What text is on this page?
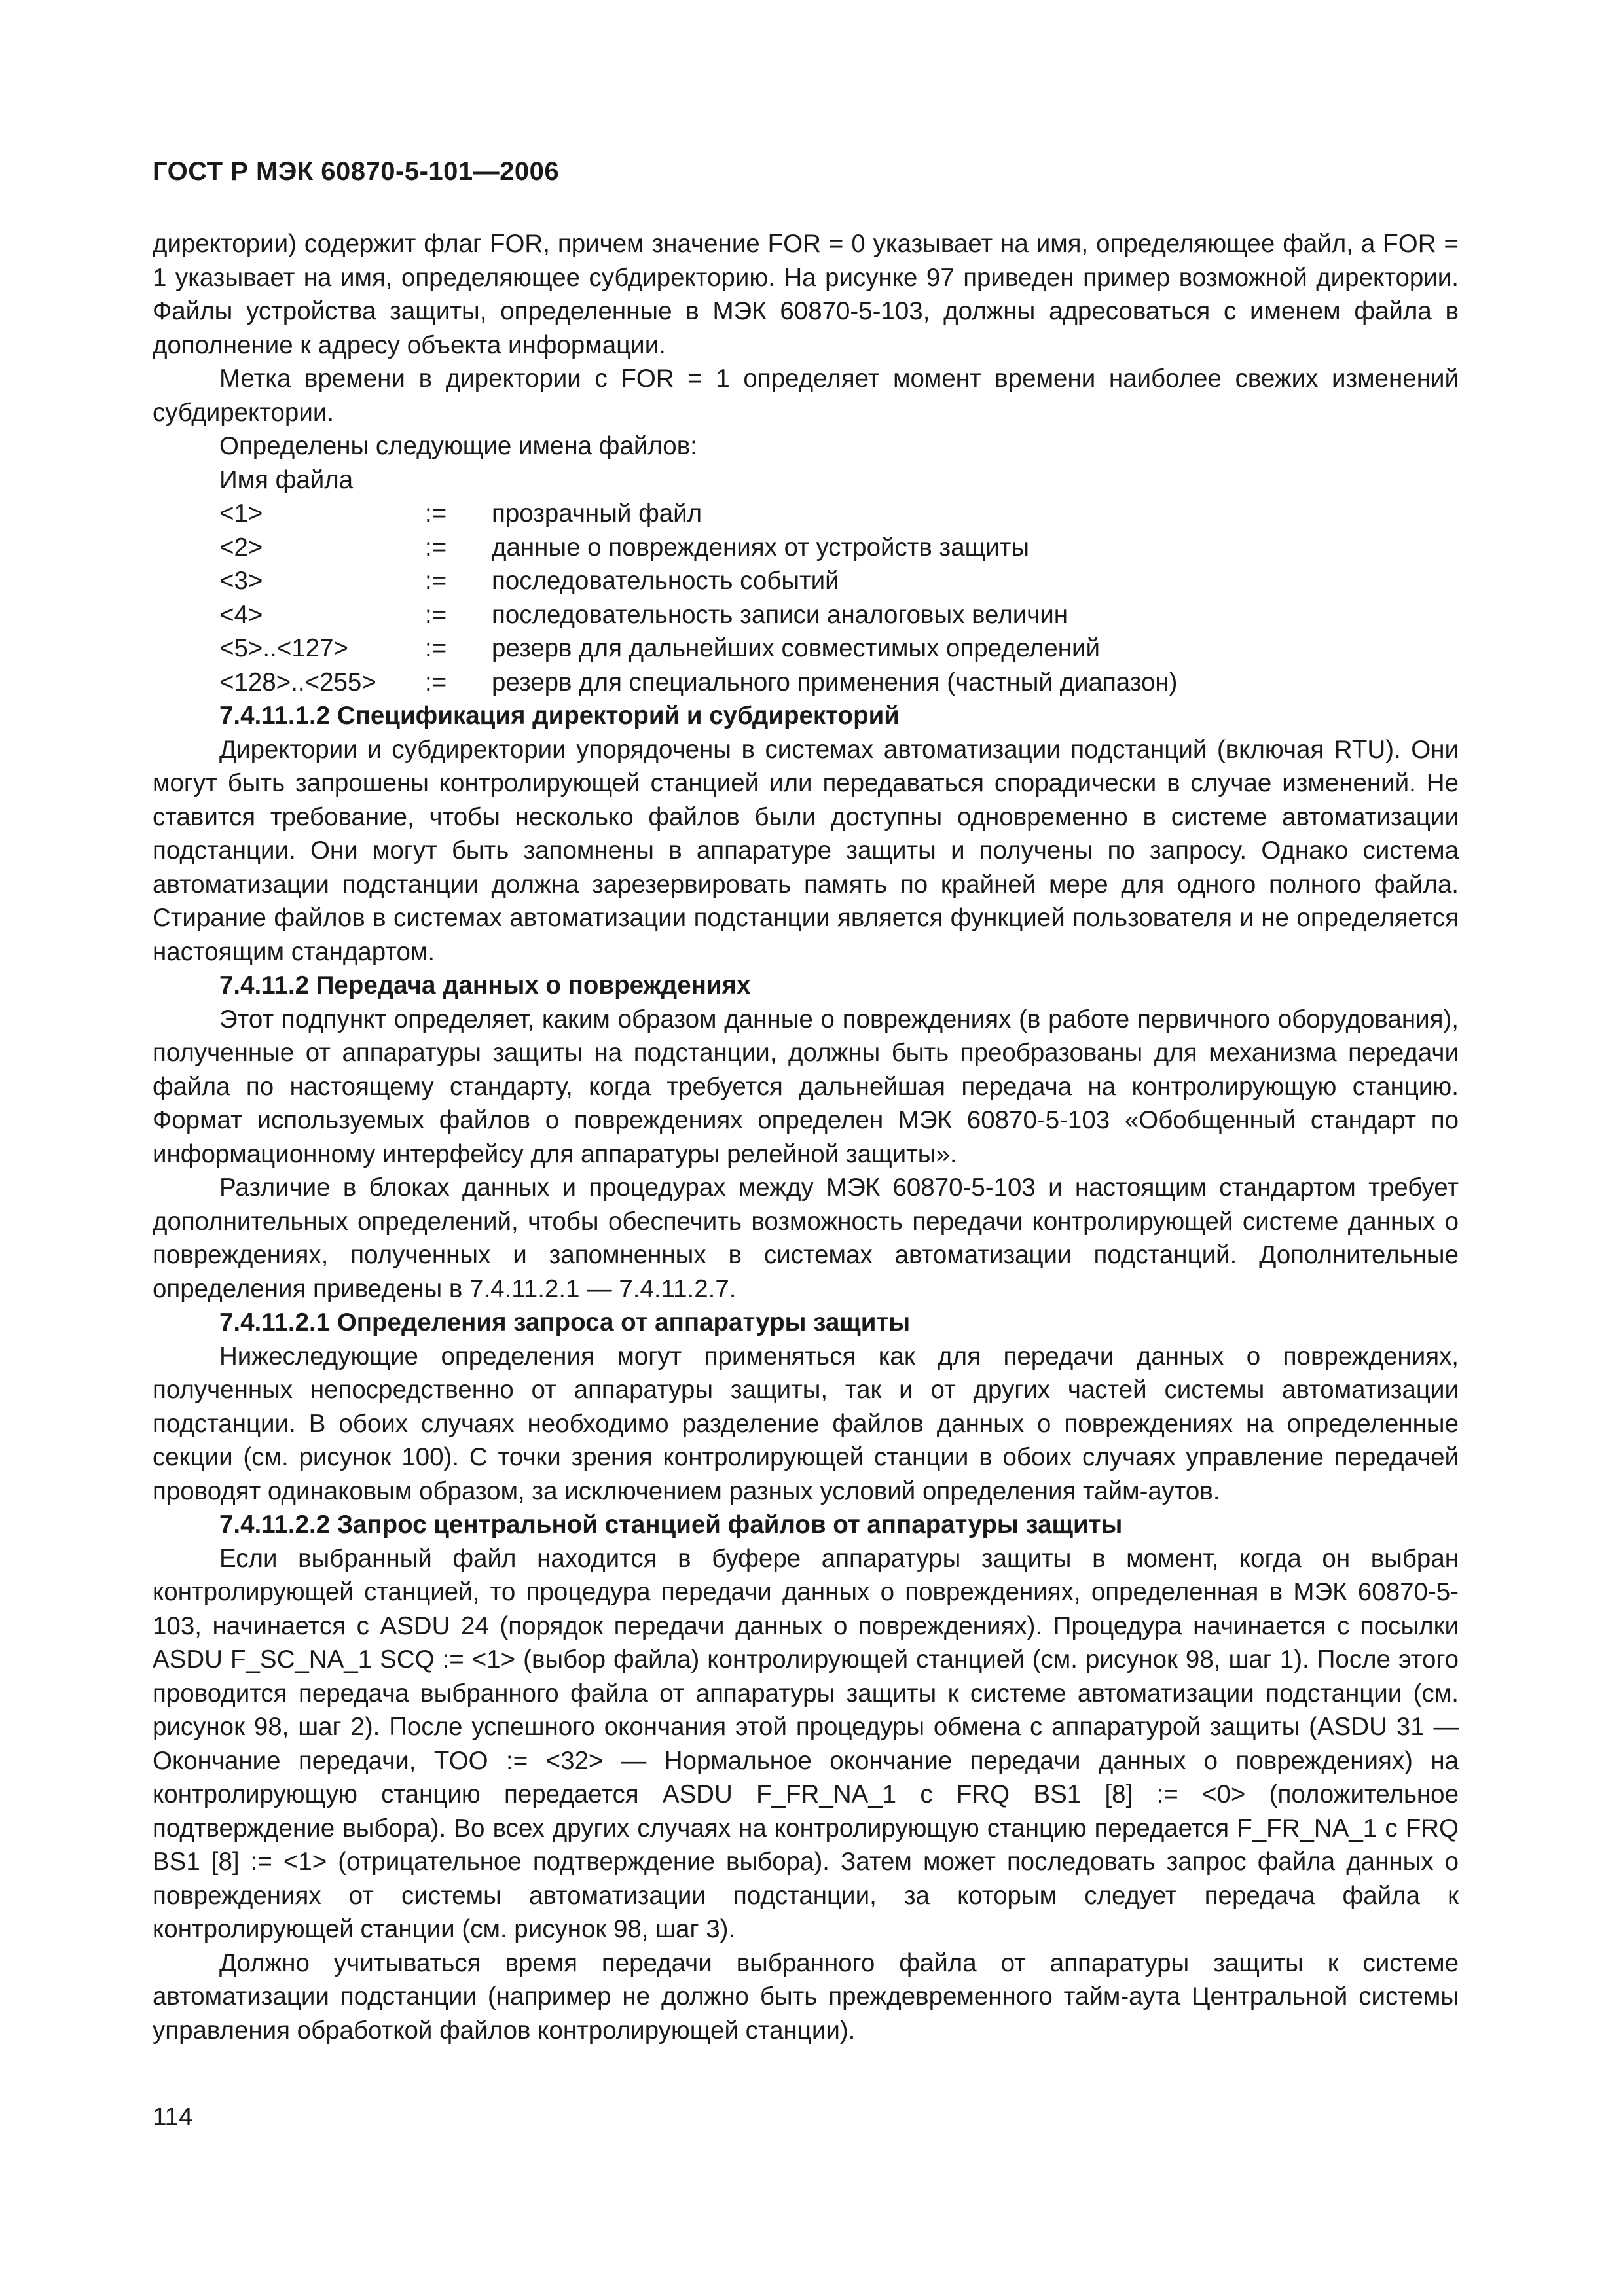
ГОСТ Р МЭК 60870-5-101—2006

директории) содержит флаг FOR, причем значение FOR = 0 указывает на имя, определяющее файл, а FOR = 1 указывает на имя, определяющее субдиректорию. На рисунке 97 приведен пример возможной директории. Файлы устройства защиты, определенные в МЭК 60870-5-103, должны адресоваться с именем файла в дополнение к адресу объекта информации.

Метка времени в директории с FOR = 1 определяет момент времени наиболее свежих изменений субдиректории.

Определены следующие имена файлов:

Имя файла
<1>	:=	прозрачный файл
<2>	:=	данные о повреждениях от устройств защиты
<3>	:=	последовательность событий
<4>	:=	последовательность записи аналоговых величин
<5>..<127>	:=	резерв для дальнейших совместимых определений
<128>..<255>	:=	резерв для специального применения (частный диапазон)
7.4.11.1.2 Спецификация директорий и субдиректорий

Директории и субдиректории упорядочены в системах автоматизации подстанций (включая RTU). Они могут быть запрошены контролирующей станцией или передаваться спорадически в случае изменений. Не ставится требование, чтобы несколько файлов были доступны одновременно в системе автоматизации подстанции. Они могут быть запомнены в аппаратуре защиты и получены по запросу. Однако система автоматизации подстанции должна зарезервировать память по крайней мере для одного полного файла. Стирание файлов в системах автоматизации подстанции является функцией пользователя и не определяется настоящим стандартом.

7.4.11.2 Передача данных о повреждениях

Этот подпункт определяет, каким образом данные о повреждениях (в работе первичного оборудования), полученные от аппаратуры защиты на подстанции, должны быть преобразованы для механизма передачи файла по настоящему стандарту, когда требуется дальнейшая передача на контролирующую станцию. Формат используемых файлов о повреждениях определен МЭК 60870-5-103 «Обобщенный стандарт по информационному интерфейсу для аппаратуры релейной защиты».

Различие в блоках данных и процедурах между МЭК 60870-5-103 и настоящим стандартом требует дополнительных определений, чтобы обеспечить возможность передачи контролирующей системе данных о повреждениях, полученных и запомненных в системах автоматизации подстанций. Дополнительные определения приведены в 7.4.11.2.1 — 7.4.11.2.7.

7.4.11.2.1 Определения запроса от аппаратуры защиты

Нижеследующие определения могут применяться как для передачи данных о повреждениях, полученных непосредственно от аппаратуры защиты, так и от других частей системы автоматизации подстанции. В обоих случаях необходимо разделение файлов данных о повреждениях на определенные секции (см. рисунок 100). С точки зрения контролирующей станции в обоих случаях управление передачей проводят одинаковым образом, за исключением разных условий определения тайм-аутов.

7.4.11.2.2 Запрос центральной станцией файлов от аппаратуры защиты

Если выбранный файл находится в буфере аппаратуры защиты в момент, когда он выбран контролирующей станцией, то процедура передачи данных о повреждениях, определенная в МЭК 60870-5-103, начинается с ASDU 24 (порядок передачи данных о повреждениях). Процедура начинается с посылки ASDU F_SC_NA_1 SCQ := <1> (выбор файла) контролирующей станцией (см. рисунок 98, шаг 1). После этого проводится передача выбранного файла от аппаратуры защиты к системе автоматизации подстанции (см. рисунок 98, шаг 2). После успешного окончания этой процедуры обмена с аппаратурой защиты (ASDU 31 — Окончание передачи, TOO := <32> — Нормальное окончание передачи данных о повреждениях) на контролирующую станцию передается ASDU F_FR_NA_1 с FRQ BS1 [8] := <0> (положительное подтверждение выбора). Во всех других случаях на контролирующую станцию передается F_FR_NA_1 с FRQ BS1 [8] := <1> (отрицательное подтверждение выбора). Затем может последовать запрос файла данных о повреждениях от системы автоматизации подстанции, за которым следует передача файла к контролирующей станции (см. рисунок 98, шаг 3).

Должно учитываться время передачи выбранного файла от аппаратуры защиты к системе автоматизации подстанции (например не должно быть преждевременного тайм-аута Центральной системы управления обработкой файлов контролирующей станции).

114
